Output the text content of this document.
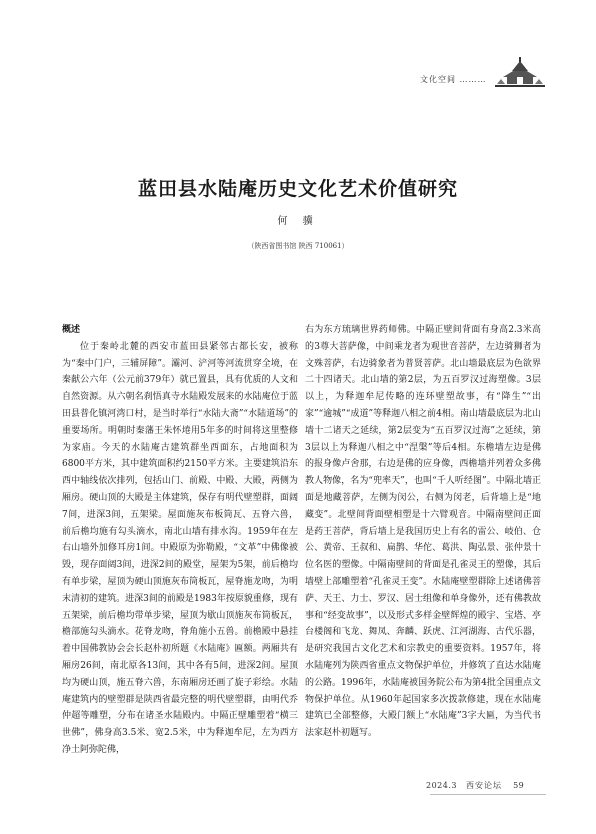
文化空间 ………
蓝田县水陆庵历史文化艺术价值研究
何 骥
（陕西省图书馆 陕西 710061）
概述

位于秦岭北麓的西安市蓝田县紧邻古都长安，被称为“秦中门户，三辅屏障”。灞河、浐河等河流贯穿全境，在秦献公六年（公元前379年）就已置县，具有优质的人文和自然资源。从六朝名刹悟真寺水陆殿发展来的水陆庵位于蓝田县普化镇河湾口村，是当时举行“水陆大斋”“水陆道场”的重要场所。明朝时秦藩王朱怀埢用5年多的时间将这里整修为家庙。今天的水陆庵古建筑群坐西面东，占地面积为6800平方米，其中建筑面积约2150平方米。主要建筑沿东西中轴线依次排列，包括山门、前殿、中殿、大殿，两侧为厢房。硬山顶的大殿是主体建筑，保存有明代壁塑群，面阔7间，进深3间，五架梁。屋面施灰布板筒瓦、五脊六兽，前后檐均施有勾头滴水，南北山墙有排水沟。1959年在左右山墙外加修耳房1间。中殿原为弥勒殿，“文革”中佛像被毁，现存面阔3间，进深2间的殿堂，屋架为5架，前后檐均有单步梁，屋顶为硬山顶施灰布筒板瓦，屋脊施龙吻，为明末清初的建筑。进深3间的前殿是1983年按原貌重修，现有五架梁，前后檐均带单步梁，屋顶为歇山顶施灰布筒板瓦，檐部施勾头滴水。花脊龙吻，脊角施小五兽。前檐殿中悬挂着中国佛教协会会长赵朴初所题《水陆庵》匾额。两厢共有厢房26间，南北原各13间，其中各有5间，进深2间。屋顶均为硬山顶，施五脊六兽，东南厢房还画了旋子彩绘。水陆庵建筑内的壁塑群是陕西省最完整的明代壁塑群，由明代乔仲超等雕塑，分布在诸圣水陆殿内。中隔正壁雕塑着“横三世佛”，佛身高3.5米、宽2.5米，中为释迦牟尼，左为西方净土阿弥陀佛，

右为东方琉璃世界药师佛。中隔正壁间背面有身高2.3米高的3尊大菩萨像，中间乘龙者为观世音菩萨，左边骑狮者为文殊菩萨，右边骑象者为普贤菩萨。北山墙最底层为色欲界二十四诸天。北山墙的第2层，为五百罗汉过海塑像。3层以上，为释迦牟尼传略的连环壁塑故事，有“降生”“出家”“逾城”“成道”等释迦八相之前4相。南山墙最底层为北山墙十二诸天之延续，第2层变为“五百罗汉过海”之延续，第3层以上为释迦八相之中“涅槃”等后4相。东檐墙左边是佛的报身像卢舍那，右边是佛的应身像，西檐墙并列着众多佛教人物像，名为“兜率天”，也叫“千人听经图”。中隔北墙正面是地藏菩萨，左侧为闵公，右侧为闵老，后背墙上是“地藏变”。北壁间背面壁相塑是十六臂观音。中隔南壁间正面是药王菩萨，背后墙上是我国历史上有名的雷公、岐伯、仓公、黄帝、王叔和、扁鹊、华佗、葛洪、陶弘景、张仲景十位名医的塑像。中隔南壁间的背面是孔雀灵王的塑像，其后墙壁上部雕塑着“孔雀灵王变”。水陆庵壁塑群除上述诸佛菩萨、天王、力士、罗汉、居士组像和单身像外，还有佛教故事和“经变故事”，以及形式多样金壁辉煌的殿宇、宝塔、亭台楼阁和飞龙、舞凤、奔麟、跃虎、江河湖海、古代乐器，是研究我国古文化艺术和宗教史的重要资料。1957年，将水陆庵列为陕西省重点文物保护单位，并修筑了直达水陆庵的公路。1996年，水陆庵被国务院公布为第4批全国重点文物保护单位。从1960年起国家多次拨款修建，现在水陆庵建筑已全部整修，大殿门额上“水陆庵”3字大匾，为当代书法家赵朴初题写。

2024.3 西安论坛 59
